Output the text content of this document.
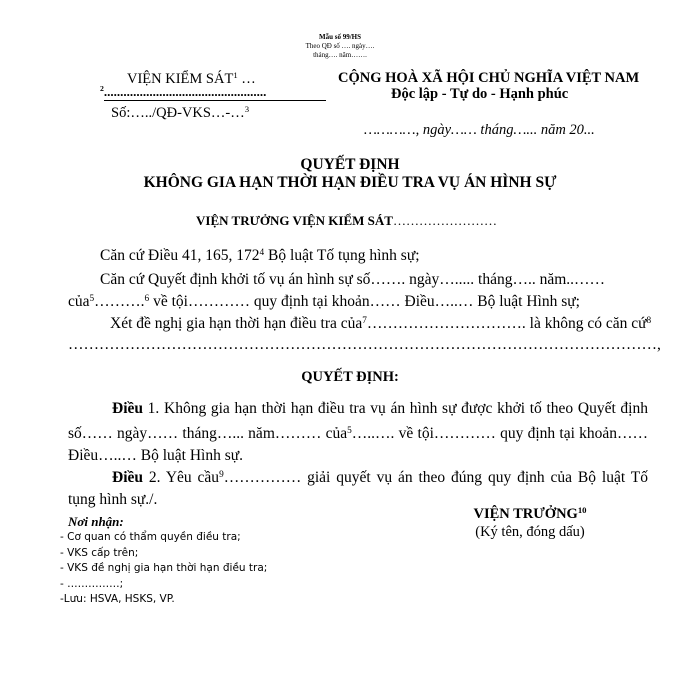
Mẫu số 99/HS
Theo QĐ số …. ngày….
tháng…. năm…….
VIỆN KIỂM SÁT$^1$ …
$^2$..................................................
Số:…../QĐ-VKS…-…$^3$
CỘNG HOÀ XÃ HỘI CHỦ NGHĨA VIỆT NAM
Độc lập - Tự do - Hạnh phúc
…………, ngày…… tháng…... năm 20...
QUYẾT ĐỊNH
KHÔNG GIA HẠN THỜI HẠN ĐIỀU TRA VỤ ÁN HÌNH SỰ
VIỆN TRƯỞNG VIỆN KIỂM SÁT……………………
Căn cứ Điều 41, 165, $172^4$ Bộ luật Tố tụng hình sự;
Căn cứ Quyết định khởi tố vụ án hình sự số……. ngày…..... tháng….. năm..……
của$^5$……….$^6$ về tội………… quy định tại khoản…… Điều…..… Bộ luật Hình sự;
Xét đề nghị gia hạn thời hạn điều tra của$^7$…………………………. là không có căn cứ$^8$
……………………………………………………………………………………………………,
QUYẾT ĐỊNH:
Điều 1. Không gia hạn thời hạn điều tra vụ án hình sự được khởi tố theo Quyết định số…… ngày…… tháng…... năm……… của$^5$…..…. về tội………… quy định tại khoản…… Điều…..… Bộ luật Hình sự.
Điều 2. Yêu cầu$^9$…………… giải quyết vụ án theo đúng quy định của Bộ luật Tố tụng hình sự./.
Nơi nhận:
- Cơ quan có thẩm quyền điều tra;
- VKS cấp trên;
- VKS đề nghị gia hạn thời hạn điều tra;
- ……………;
-Lưu: HSVA, HSKS, VP.
VIỆN TRƯỞNG$^{10}$
(Ký tên, đóng dấu)
